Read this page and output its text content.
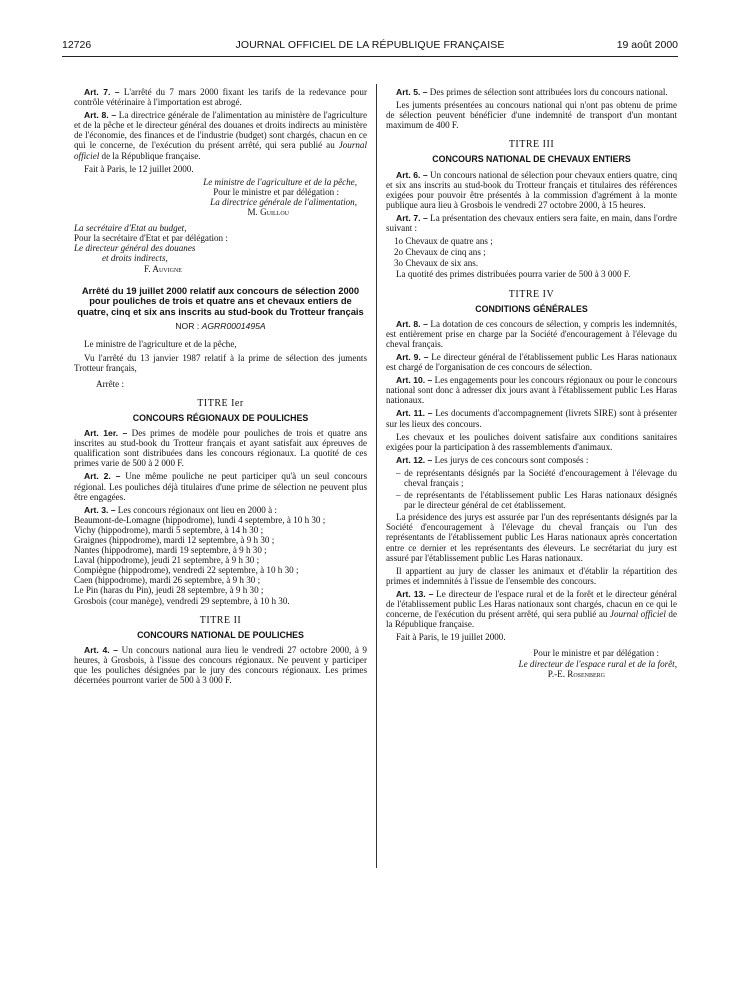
12726	JOURNAL OFFICIEL DE LA RÉPUBLIQUE FRANÇAISE	19 août 2000

Art. 7. – L'arrêté du 7 mars 2000 fixant les tarifs de la redevance pour contrôle vétérinaire à l'importation est abrogé.

Art. 8. – La directrice générale de l'alimentation au ministère de l'agriculture et de la pêche et le directeur général des douanes et droits indirects au ministère de l'économie, des finances et de l'industrie (budget) sont chargés, chacun en ce qui le concerne, de l'exécution du présent arrêté, qui sera publié au Journal officiel de la République française.

Fait à Paris, le 12 juillet 2000.

Le ministre de l'agriculture et de la pêche,

Pour le ministre et par délégation :

La directrice générale de l'alimentation,

M. Guillou

La secrétaire d'Etat au budget,

Pour la secrétaire d'Etat et par délégation :

Le directeur général des douanes

et droits indirects,

F. Auvigne

Arrêté du 19 juillet 2000 relatif aux concours de sélection 2000 pour pouliches de trois et quatre ans et chevaux entiers de quatre, cinq et six ans inscrits au stud-book du Trotteur français

NOR : AGRR0001495A

Le ministre de l'agriculture et de la pêche,

Vu l'arrêté du 13 janvier 1987 relatif à la prime de sélection des juments Trotteur français,

Arrête :

TITRE Ier

CONCOURS RÉGIONAUX DE POULICHES

Art. 1er. – Des primes de modèle pour pouliches de trois et quatre ans inscrites au stud-book du Trotteur français et ayant satisfait aux épreuves de qualification sont distribuées dans les concours régionaux. La quotité de ces primes varie de 500 à 2 000 F.

Art. 2. – Une même pouliche ne peut participer qu'à un seul concours régional. Les pouliches déjà titulaires d'une prime de sélection ne peuvent plus être engagées.

Art. 3. – Les concours régionaux ont lieu en 2000 à :

Beaumont-de-Lomagne (hippodrome), lundi 4 septembre, à 10 h 30 ;

Vichy (hippodrome), mardi 5 septembre, à 14 h 30 ;

Graignes (hippodrome), mardi 12 septembre, à 9 h 30 ;

Nantes (hippodrome), mardi 19 septembre, à 9 h 30 ;

Laval (hippodrome), jeudi 21 septembre, à 9 h 30 ;

Compiègne (hippodrome), vendredi 22 septembre, à 10 h 30 ;

Caen (hippodrome), mardi 26 septembre, à 9 h 30 ;

Le Pin (haras du Pin), jeudi 28 septembre, à 9 h 30 ;

Grosbois (cour manège), vendredi 29 septembre, à 10 h 30.

TITRE II

CONCOURS NATIONAL DE POULICHES

Art. 4. – Un concours national aura lieu le vendredi 27 octobre 2000, à 9 heures, à Grosbois, à l'issue des concours régionaux. Ne peuvent y participer que les pouliches désignées par le jury des concours régionaux. Les primes décernées pourront varier de 500 à 3 000 F.

Art. 5. – Des primes de sélection sont attribuées lors du concours national.

Les juments présentées au concours national qui n'ont pas obtenu de prime de sélection peuvent bénéficier d'une indemnité de transport d'un montant maximum de 400 F.

TITRE III

CONCOURS NATIONAL DE CHEVAUX ENTIERS

Art. 6. – Un concours national de sélection pour chevaux entiers quatre, cinq et six ans inscrits au stud-book du Trotteur français et titulaires des références exigées pour pouvoir être présentés à la commission d'agrément à la monte publique aura lieu à Grosbois le vendredi 27 octobre 2000, à 15 heures.

Art. 7. – La présentation des chevaux entiers sera faite, en main, dans l'ordre suivant :

1o Chevaux de quatre ans ;

2o Chevaux de cinq ans ;

3o Chevaux de six ans.

La quotité des primes distribuées pourra varier de 500 à 3 000 F.

TITRE IV

CONDITIONS GÉNÉRALES

Art. 8. – La dotation de ces concours de sélection, y compris les indemnités, est entièrement prise en charge par la Société d'encouragement à l'élevage du cheval français.

Art. 9. – Le directeur général de l'établissement public Les Haras nationaux est chargé de l'organisation de ces concours de sélection.

Art. 10. – Les engagements pour les concours régionaux ou pour le concours national sont donc à adresser dix jours avant à l'établissement public Les Haras nationaux.

Art. 11. – Les documents d'accompagnement (livrets SIRE) sont à présenter sur les lieux des concours.

Les chevaux et les pouliches doivent satisfaire aux conditions sanitaires exigées pour la participation à des rassemblements d'animaux.

Art. 12. – Les jurys de ces concours sont composés :

– de représentants désignés par la Société d'encouragement à l'élevage du cheval français ;

– de représentants de l'établissement public Les Haras nationaux désignés par le directeur général de cet établissement.

La présidence des jurys est assurée par l'un des représentants désignés par la Société d'encouragement à l'élevage du cheval français ou l'un des représentants de l'établissement public Les Haras nationaux après concertation entre ce dernier et les représentants des éleveurs. Le secrétariat du jury est assuré par l'établissement public Les Haras nationaux.

Il appartient au jury de classer les animaux et d'établir la répartition des primes et indemnités à l'issue de l'ensemble des concours.

Art. 13. – Le directeur de l'espace rural et de la forêt et le directeur général de l'établissement public Les Haras nationaux sont chargés, chacun en ce qui le concerne, de l'exécution du présent arrêté, qui sera publié au Journal officiel de la République française.

Fait à Paris, le 19 juillet 2000.

Pour le ministre et par délégation :

Le directeur de l'espace rural et de la forêt,

P.-E. Rosenberg
